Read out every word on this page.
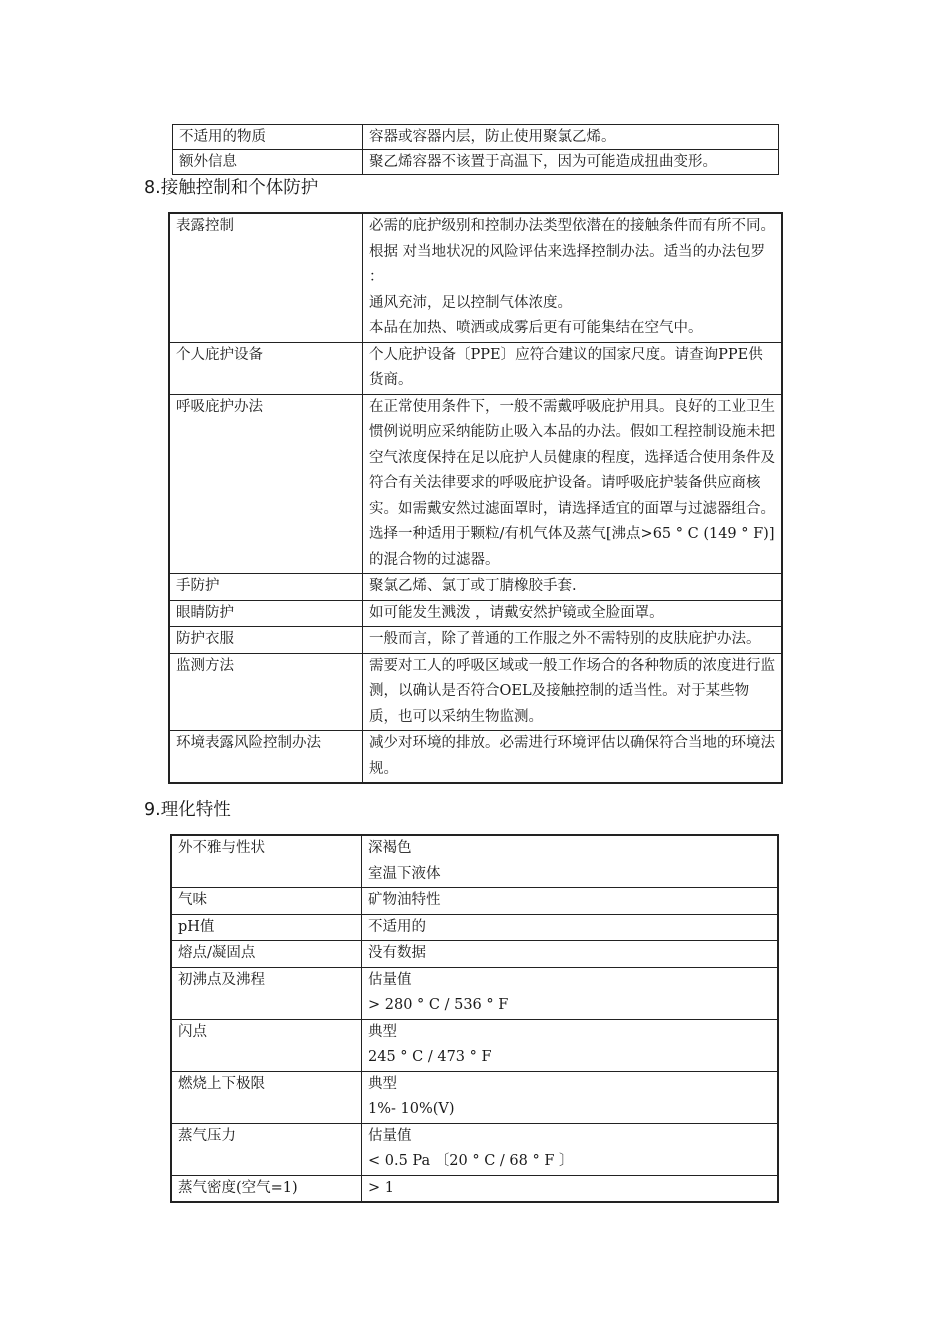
不适用的物质	容器或容器内层，防止使用聚氯乙烯。
额外信息	聚乙烯容器不该置于高温下，因为可能造成扭曲变形。
8.接触控制和个体防护
表露控制	必需的庇护级别和控制办法类型依潜在的接触条件而有所不同。根据 对当地状况的风险评估来选择控制办法。适当的办法包罗 ：
通风充沛，足以控制气体浓度。
本品在加热、喷洒或成雾后更有可能集结在空气中。
个人庇护设备	个人庇护设备〔PPE〕应符合建议的国家尺度。请查询PPE供货商。
呼吸庇护办法	在正常使用条件下，一般不需戴呼吸庇护用具。良好的工业卫生惯例说明应采纳能防止吸入本品的办法。假如工程控制设施未把空气浓度保持在足以庇护人员健康的程度，选择适合使用条件及符合有关法律要求的呼吸庇护设备。请呼吸庇护装备供应商核实。如需戴安然过滤面罩时，请选择适宜的面罩与过滤器组合。选择一种适用于颗粒/有机气体及蒸气[沸点>65 ° C (149 ° F)]的混合物的过滤器。
手防护	聚氯乙烯、氯丁或丁腈橡胶手套.
眼睛防护	如可能发生溅泼 ，请戴安然护镜或全脸面罩。
防护衣服	一般而言，除了普通的工作服之外不需特别的皮肤庇护办法。
监测方法	需要对工人的呼吸区域或一般工作场合的各种物质的浓度进行监测，以确认是否符合OEL及接触控制的适当性。对于某些物质，也可以采纳生物监测。
环境表露风险控制办法	减少对环境的排放。必需进行环境评估以确保符合当地的环境法规。
9.理化特性
外不雅与性状	深褐色
室温下液体
气味	矿物油特性
pH值	不适用的
熔点/凝固点	没有数据
初沸点及沸程	估量值
> 280 ° C / 536 ° F
闪点	典型
245 ° C / 473 ° F
燃烧上下极限	典型
1%- 10%(V)
蒸气压力	估量值
< 0.5 Pa 〔20 ° C / 68 ° F 〕
蒸气密度(空气=1)	> 1
